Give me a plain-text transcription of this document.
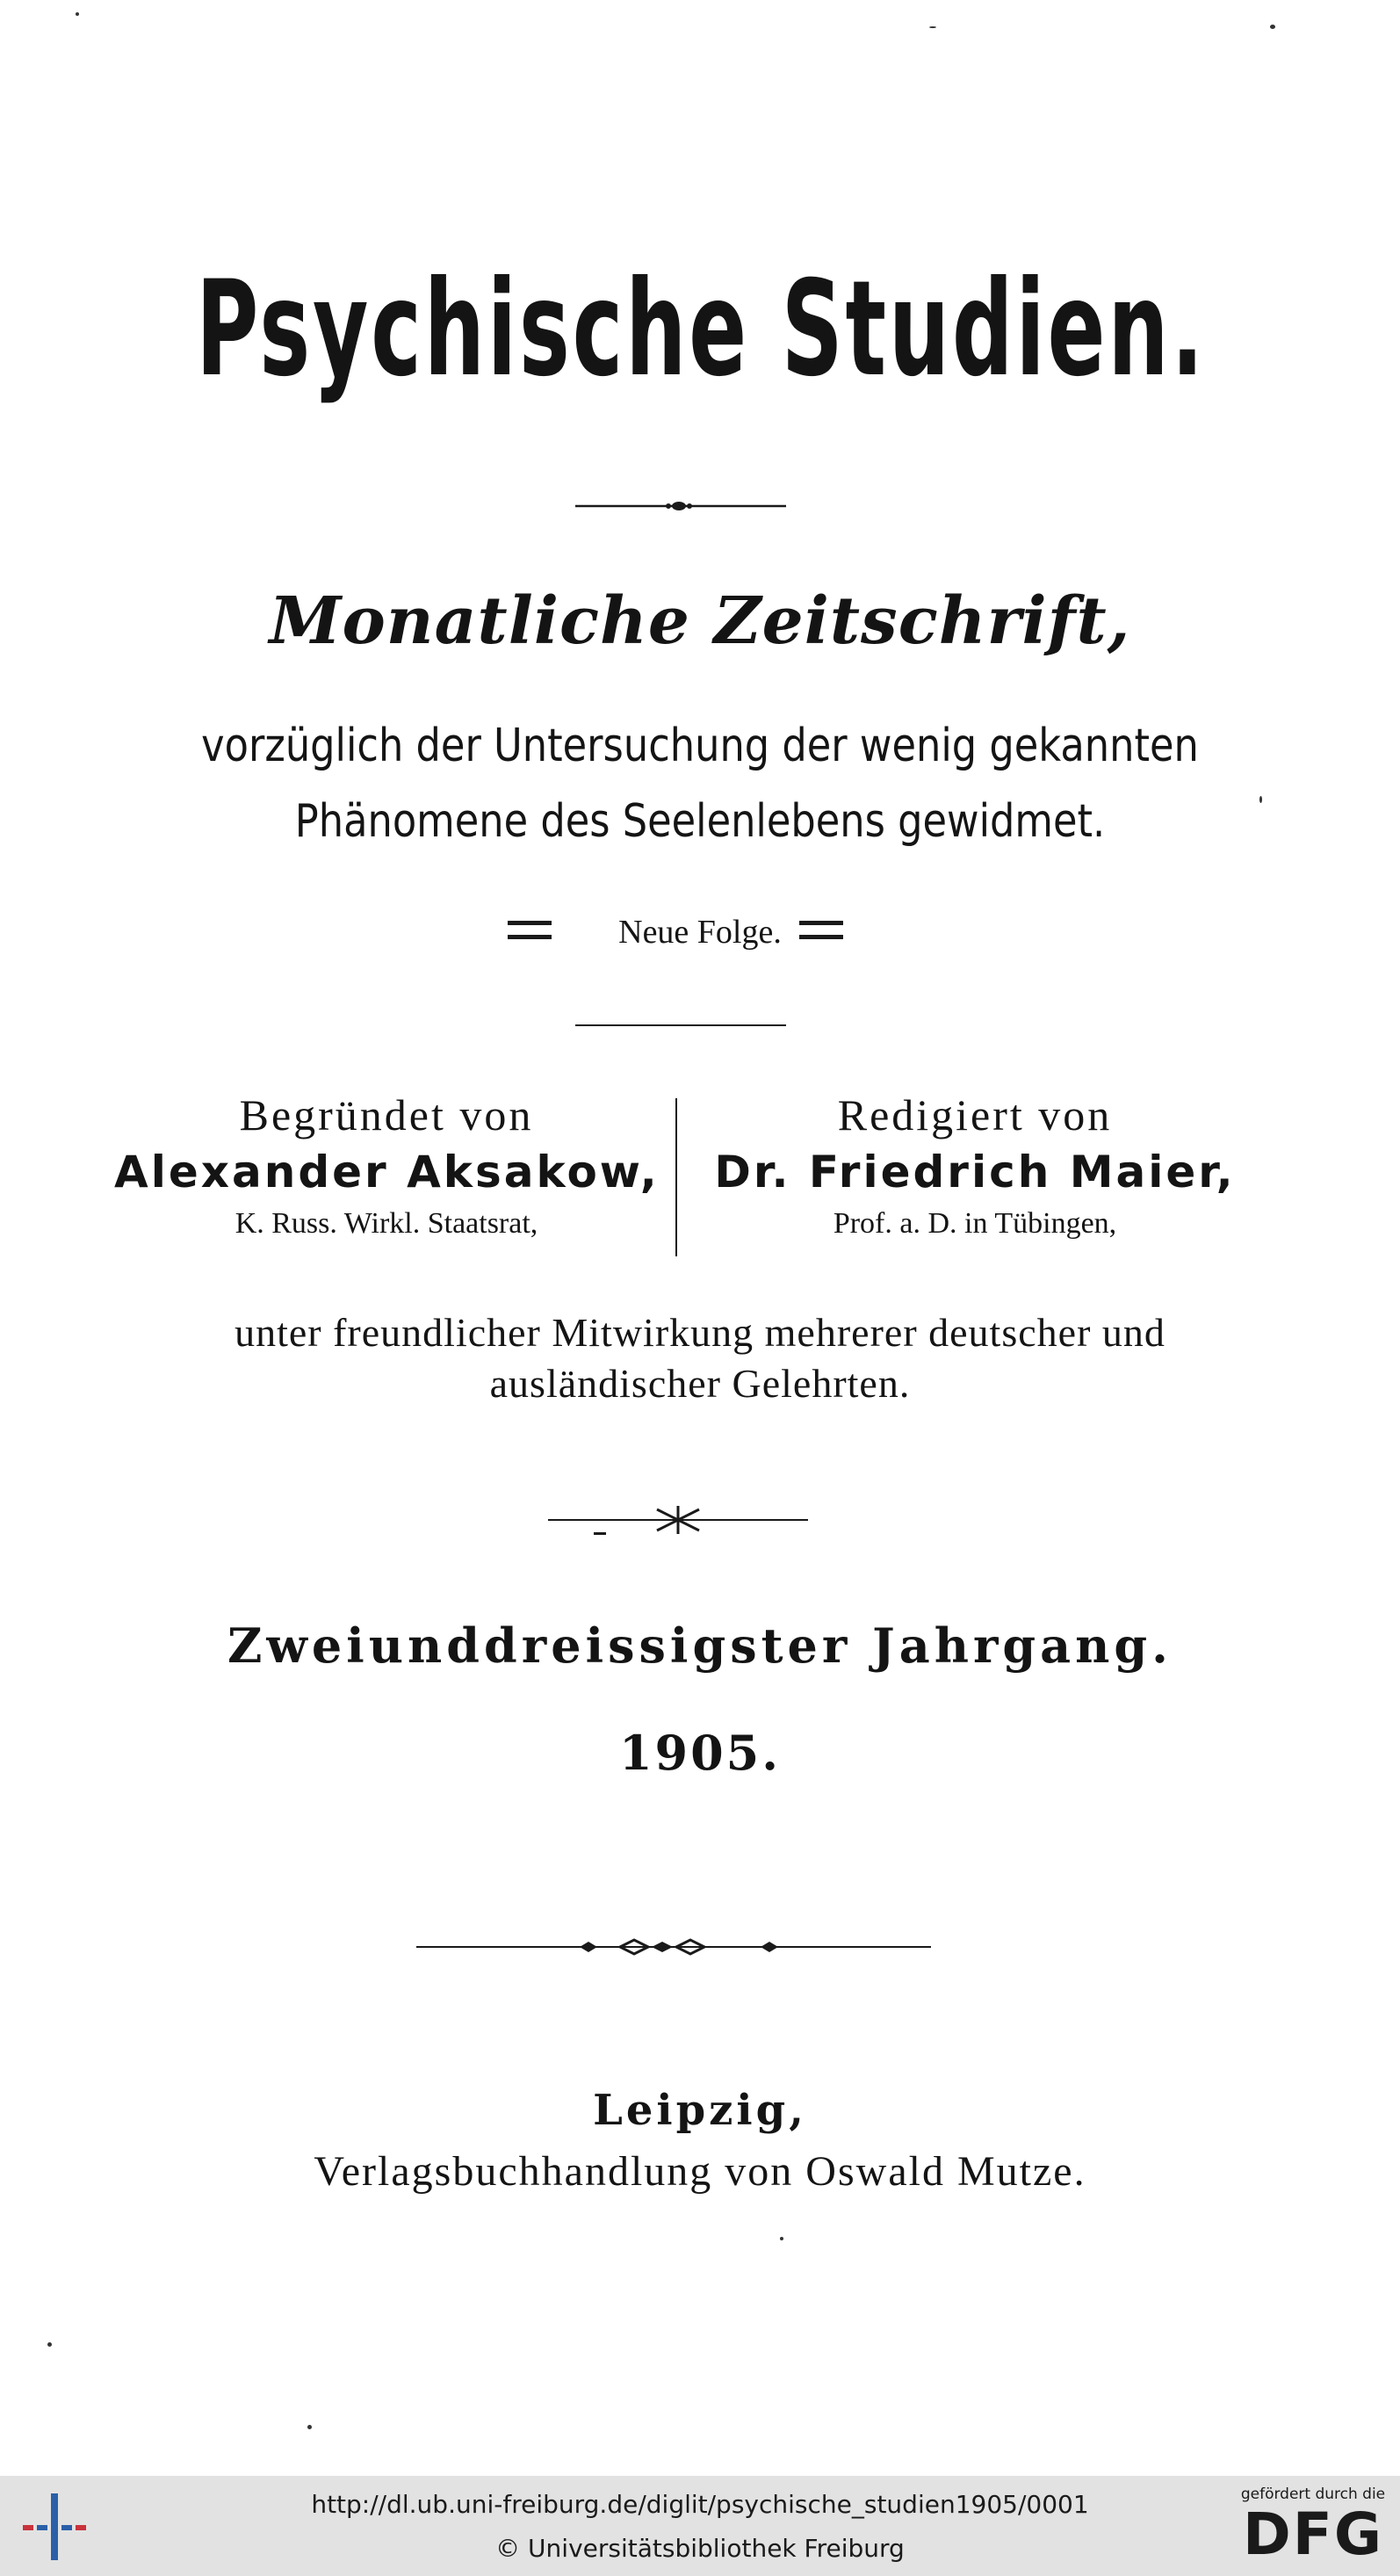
Psychische Studien.
Monatliche Zeitschrift,
vorzüglich der Untersuchung der wenig gekannten
Phänomene des Seelenlebens gewidmet.
Neue Folge.
Begründet von
Alexander Aksakow,
K. Russ. Wirkl. Staatsrat,
Redigiert von
Dr. Friedrich Maier,
Prof. a. D. in Tübingen,
unter freundlicher Mitwirkung mehrerer deutscher und
ausländischer Gelehrten.
Zweiunddreissigster Jahrgang.
1905.
Leipzig,
Verlagsbuchhandlung von Oswald Mutze.
http://dl.ub.uni-freiburg.de/diglit/psychische_studien1905/0001
© Universitätsbibliothek Freiburg
gefördert durch die
DFG
